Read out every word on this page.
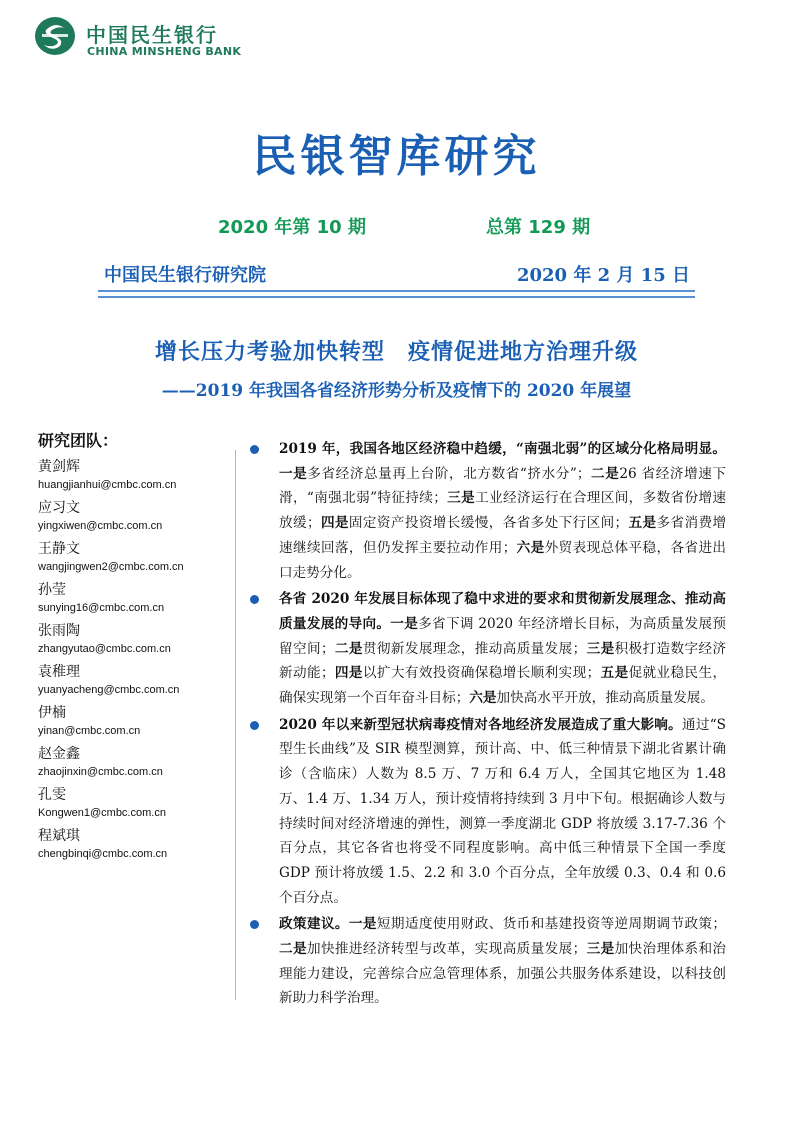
中国民生银行
CHINA MINSHENG BANK
民银智库研究
2020 年第 10 期	总第 129 期
中国民生银行研究院	2020 年 2 月 15 日
增长压力考验加快转型　疫情促进地方治理升级
——2019 年我国各省经济形势分析及疫情下的 2020 年展望
研究团队：
黄剑辉
huangjianhui@cmbc.com.cn
应习文
yingxiwen@cmbc.com.cn
王静文
wangjingwen2@cmbc.com.cn
孙莹
sunying16@cmbc.com.cn
张雨陶
zhangyutao@cmbc.com.cn
袁稚理
yuanyacheng@cmbc.com.cn
伊楠
yinan@cmbc.com.cn
赵金鑫
zhaojinxin@cmbc.com.cn
孔雯
Kongwen1@cmbc.com.cn
程斌琪
chengbinqi@cmbc.com.cn
2019 年，我国各地区经济稳中趋缓，“南强北弱”的区域分化格局明显。一是多省经济总量再上台阶，北方数省“挤水分”；二是26 省经济增速下滑，“南强北弱”特征持续；三是工业经济运行在合理区间，多数省份增速放缓；四是固定资产投资增长缓慢，各省多处下行区间；五是多省消费增速继续回落，但仍发挥主要拉动作用；六是外贸表现总体平稳，各省进出口走势分化。
各省 2020 年发展目标体现了稳中求进的要求和贯彻新发展理念、推动高质量发展的导向。一是多省下调 2020 年经济增长目标，为高质量发展预留空间；二是贯彻新发展理念，推动高质量发展；三是积极打造数字经济新动能；四是以扩大有效投资确保稳增长顺利实现；五是促就业稳民生，确保实现第一个百年奋斗目标；六是加快高水平开放，推动高质量发展。
2020 年以来新型冠状病毒疫情对各地经济发展造成了重大影响。通过“S 型生长曲线”及 SIR 模型测算，预计高、中、低三种情景下湖北省累计确诊（含临床）人数为 8.5 万、7 万和 6.4 万人，全国其它地区为 1.48 万、1.4 万、1.34 万人，预计疫情将持续到 3 月中下旬。根据确诊人数与持续时间对经济增速的弹性，测算一季度湖北 GDP 将放缓 3.17-7.36 个百分点，其它各省也将受不同程度影响。高中低三种情景下全国一季度 GDP 预计将放缓 1.5、2.2 和 3.0 个百分点，全年放缓 0.3、0.4 和 0.6 个百分点。
政策建议。一是短期适度使用财政、货币和基建投资等逆周期调节政策；二是加快推进经济转型与改革，实现高质量发展；三是加快治理体系和治理能力建设，完善综合应急管理体系，加强公共服务体系建设，以科技创新助力科学治理。
